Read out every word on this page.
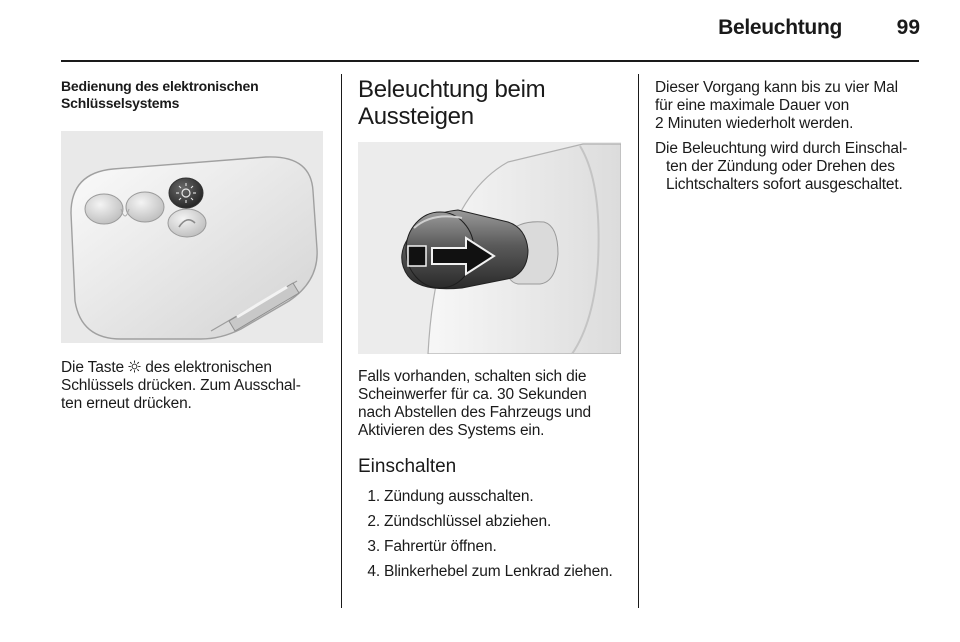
Beleuchtung	99
Bedienung des elektronischen
Schlüsselsystems

Die Taste  des elektronischen
Schlüssels drücken. Zum Ausschal-
ten erneut drücken.

Beleuchtung beim
Aussteigen

Falls vorhanden, schalten sich die
Scheinwerfer für ca. 30 Sekunden
nach Abstellen des Fahrzeugs und
Aktivieren des Systems ein.

Einschalten
1. Zündung ausschalten.
2. Zündschlüssel abziehen.
3. Fahrertür öffnen.
4. Blinkerhebel zum Lenkrad ziehen.

Dieser Vorgang kann bis zu vier Mal
für eine maximale Dauer von
2 Minuten wiederholt werden.

Die Beleuchtung wird durch Einschal-
ten der Zündung oder Drehen des
Lichtschalters sofort ausgeschaltet.
